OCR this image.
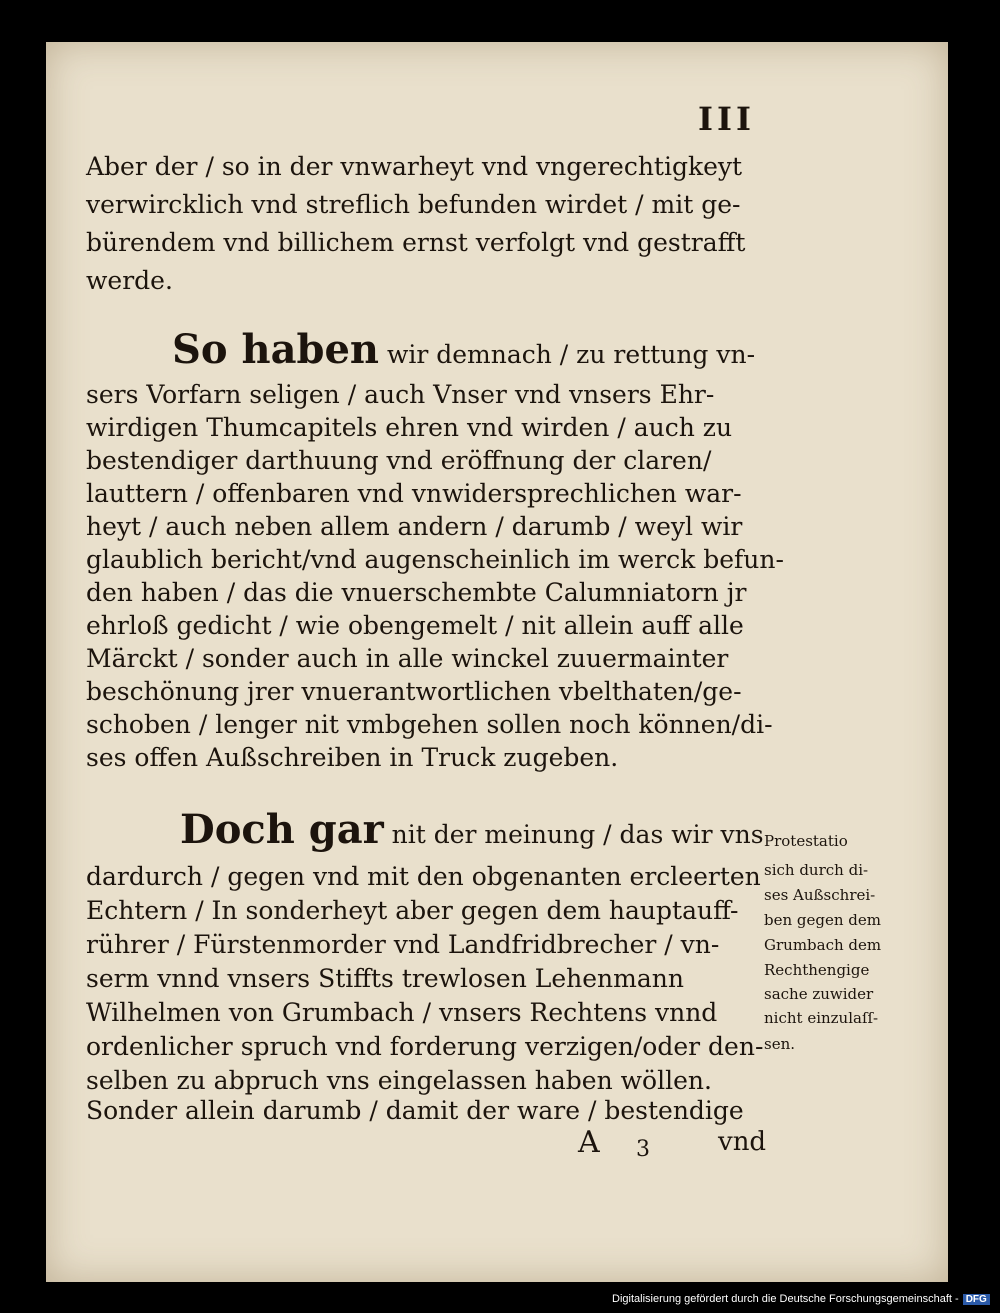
III

Aber der / so in der vnwarheyt vnd vngerechtigkeyt

verwircklich vnd streflich befunden wirdet / mit ge-

bürendem vnd billichem ernst verfolgt vnd gestrafft

werde.

So haben wir demnach / zu rettung vn-

sers Vorfarn seligen / auch Vnser vnd vnsers Ehr-

wirdigen Thumcapitels ehren vnd wirden / auch zu

bestendiger darthuung vnd eröffnung der claren/

lauttern / offenbaren vnd vnwidersprechlichen war-

heyt / auch neben allem andern / darumb / weyl wir

glaublich bericht/vnd augenscheinlich im werck befun-

den haben / das die vnuerschembte Calumniatorn jr

ehrloß gedicht / wie obengemelt / nit allein auff alle

Märckt / sonder auch in alle winckel zuuermainter

beschönung jrer vnuerantwortlichen vbelthaten/ge-

schoben / lenger nit vmbgehen sollen noch können/di-

ses offen Außschreiben in Truck zugeben.

Doch gar nit der meinung / das wir vns

dardurch / gegen vnd mit den obgenanten ercleerten

Echtern / In sonderheyt aber gegen dem hauptauff-

rührer / Fürstenmorder vnd Landfridbrecher / vn-

serm vnnd vnsers Stiffts trewlosen Lehenmann

Wilhelmen von Grumbach / vnsers Rechtens vnnd

ordenlicher spruch vnd forderung verzigen/oder den-

selben zu abpruch vns eingelassen haben wöllen.

Sonder allein darumb / damit der ware / bestendige

Protestatio

sich durch di-

ses Außschrei-

ben gegen dem

Grumbach dem

Rechthengige

sache zuwider

nicht einzulaſſ-

sen.

A 3	vnd
Digitalisierung gefördert durch die Deutsche Forschungsgemeinschaft - DFG
